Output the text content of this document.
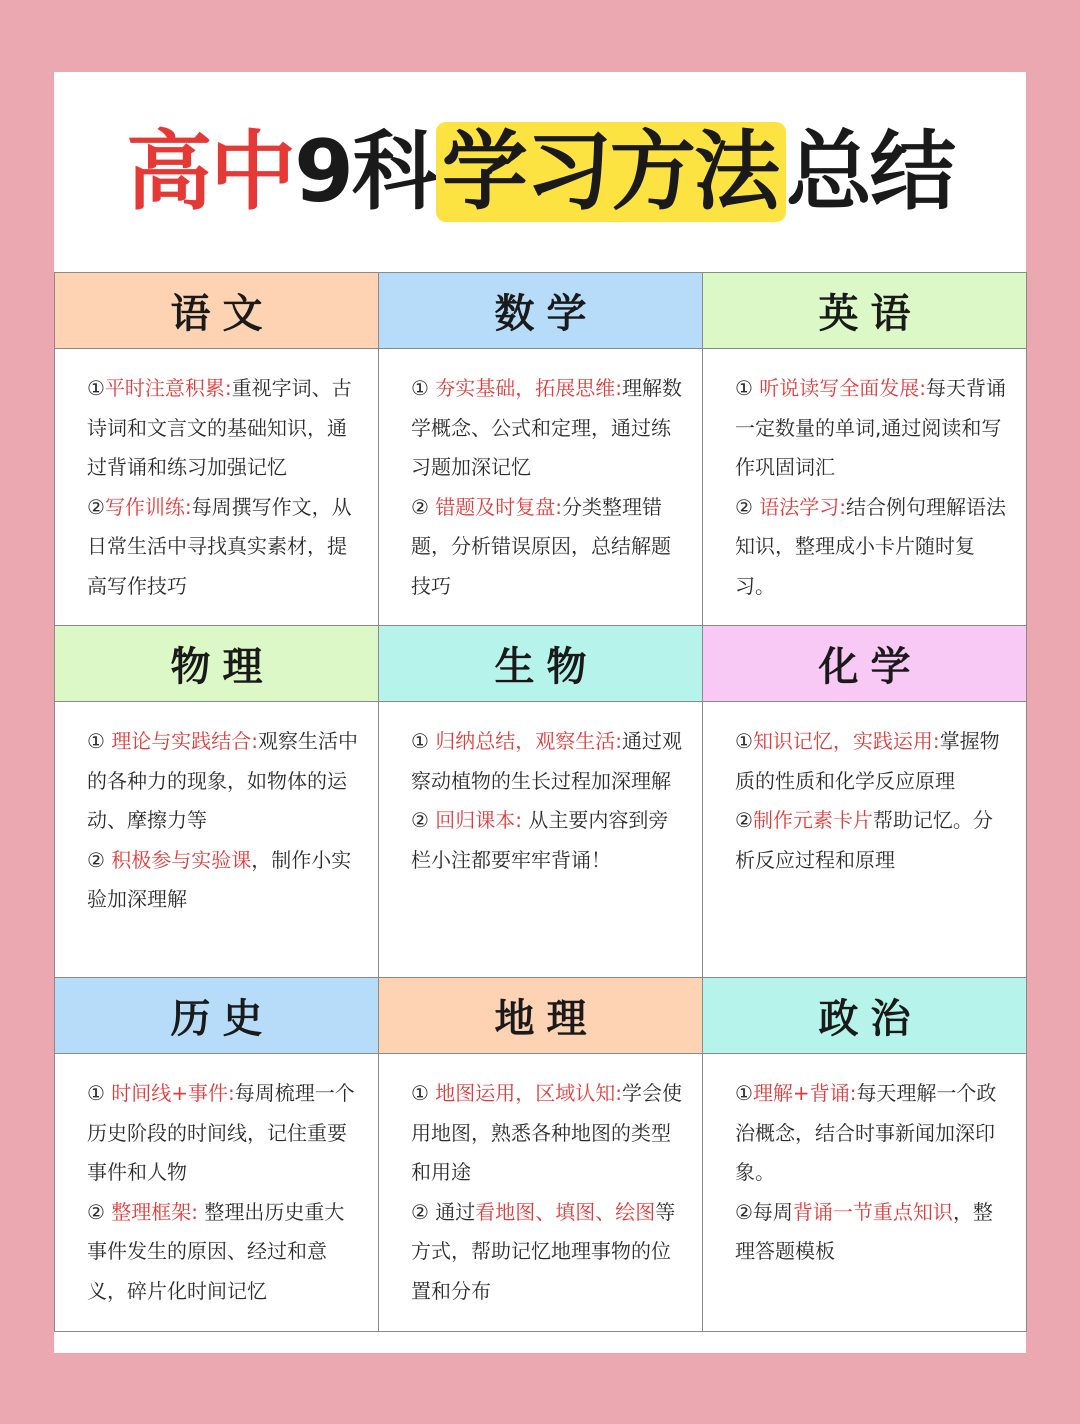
高中9科学习方法总结
语文
①平时注意积累:重视字词、古诗词和文言文的基础知识，通过背诵和练习加强记忆
②写作训练:每周撰写作文，从日常生活中寻找真实素材，提高写作技巧
数学
① 夯实基础，拓展思维:理解数学概念、公式和定理，通过练习题加深记忆
② 错题及时复盘:分类整理错题，分析错误原因，总结解题技巧
英语
① 听说读写全面发展:每天背诵一定数量的单词,通过阅读和写作巩固词汇
② 语法学习:结合例句理解语法知识，整理成小卡片随时复习。
物理
① 理论与实践结合:观察生活中的各种力的现象，如物体的运动、摩擦力等
② 积极参与实验课，制作小实验加深理解
生物
① 归纳总结，观察生活:通过观察动植物的生长过程加深理解
② 回归课本: 从主要内容到旁栏小注都要牢牢背诵！
化学
①知识记忆，实践运用:掌握物质的性质和化学反应原理
②制作元素卡片帮助记忆。分析反应过程和原理
历史
① 时间线+事件:每周梳理一个历史阶段的时间线，记住重要事件和人物
② 整理框架: 整理出历史重大事件发生的原因、经过和意义，碎片化时间记忆
地理
① 地图运用，区域认知:学会使用地图，熟悉各种地图的类型和用途
② 通过看地图、填图、绘图等方式，帮助记忆地理事物的位置和分布
政治
①理解+背诵:每天理解一个政治概念，结合时事新闻加深印象。
②每周背诵一节重点知识，整理答题模板
